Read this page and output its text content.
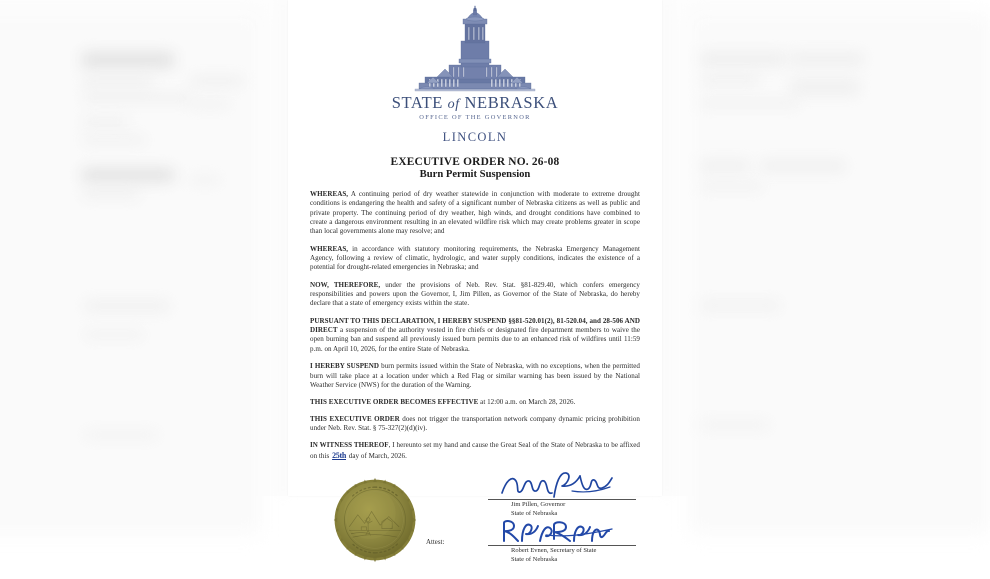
STATE of NEBRASKA
OFFICE OF THE GOVERNOR
LINCOLN
EXECUTIVE ORDER NO. 26-08
Burn Permit Suspension

WHEREAS, A continuing period of dry weather statewide in conjunction with moderate to extreme drought conditions is endangering the health and safety of a significant number of Nebraska citizens as well as public and private property. The continuing period of dry weather, high winds, and drought conditions have combined to create a dangerous environment resulting in an elevated wildfire risk which may create problems greater in scope than local governments alone may resolve; and

WHEREAS, in accordance with statutory monitoring requirements, the Nebraska Emergency Management Agency, following a review of climatic, hydrologic, and water supply conditions, indicates the existence of a potential for drought-related emergencies in Nebraska; and

NOW, THEREFORE, under the provisions of Neb. Rev. Stat. §81-829.40, which confers emergency responsibilities and powers upon the Governor, I, Jim Pillen, as Governor of the State of Nebraska, do hereby declare that a state of emergency exists within the state.

PURSUANT TO THIS DECLARATION, I HEREBY SUSPEND §§81-520.01(2), 81-520.04, and 28-506 AND DIRECT a suspension of the authority vested in fire chiefs or designated fire department members to waive the open burning ban and suspend all previously issued burn permits due to an enhanced risk of wildfires until 11:59 p.m. on April 10, 2026, for the entire State of Nebraska.

I HEREBY SUSPEND burn permits issued within the State of Nebraska, with no exceptions, when the permitted burn will take place at a location under which a Red Flag or similar warning has been issued by the National Weather Service (NWS) for the duration of the Warning.

THIS EXECUTIVE ORDER BECOMES EFFECTIVE at 12:00 a.m. on March 28, 2026.

THIS EXECUTIVE ORDER does not trigger the transportation network company dynamic pricing prohibition under Neb. Rev. Stat. § 75-327(2)(d)(iv).

IN WITNESS THEREOF, I hereunto set my hand and cause the Great Seal of the State of Nebraska to be affixed on this 25th day of March, 2026.

Jim Pillen, Governor
State of Nebraska
Attest:
Robert Evnen, Secretary of State
State of Nebraska
